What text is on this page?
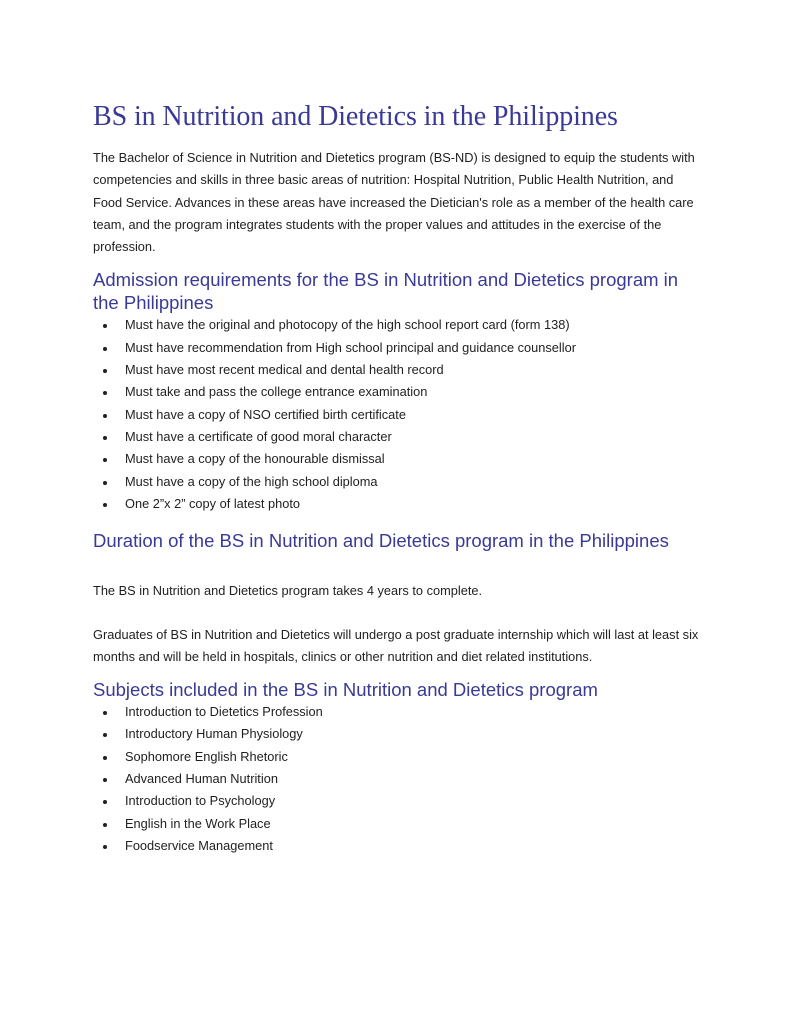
BS in Nutrition and Dietetics in the Philippines

The Bachelor of Science in Nutrition and Dietetics program (BS-ND) is designed to equip the students with competencies and skills in three basic areas of nutrition: Hospital Nutrition, Public Health Nutrition, and Food Service. Advances in these areas have increased the Dietician's role as a member of the health care team, and the program integrates students with the proper values and attitudes in the exercise of the profession.

Admission requirements for the BS in Nutrition and Dietetics program in the Philippines
Must have the original and photocopy of the high school report card (form 138)
Must have recommendation from High school principal and guidance counsellor
Must have most recent medical and dental health record
Must take and pass the college entrance examination
Must have a copy of NSO certified birth certificate
Must have a certificate of good moral character
Must have a copy of the honourable dismissal
Must have a copy of the high school diploma
One 2”x 2” copy of latest photo
Duration of the BS in Nutrition and Dietetics program in the Philippines

The BS in Nutrition and Dietetics program takes 4 years to complete.

Graduates of BS in Nutrition and Dietetics will undergo a post graduate internship which will last at least six months and will be held in hospitals, clinics or other nutrition and diet related institutions.

Subjects included in the BS in Nutrition and Dietetics program
Introduction to Dietetics Profession
Introductory Human Physiology
Sophomore English Rhetoric
Advanced Human Nutrition
Introduction to Psychology
English in the Work Place
Foodservice Management
